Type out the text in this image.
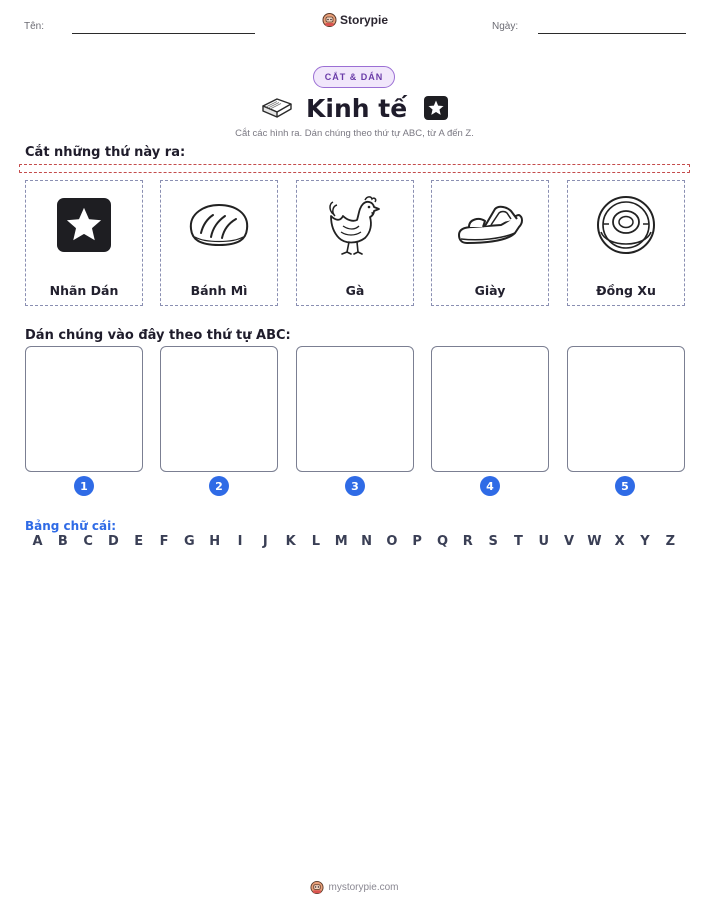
Tên:	Storypie	Ngày:
CẮT & DÁN
Kinh tế
Cắt các hình ra. Dán chúng theo thứ tự ABC, từ A đến Z.
Cắt những thứ này ra:
Nhãn Dán	Bánh Mì	Gà	Giày	Đồng Xu
Dán chúng vào đây theo thứ tự ABC:
1	2	3	4	5
Bảng chữ cái:
A	B	C	D	E	F	G	H	I	J	K	L	M	N	O	P	Q	R	S	T	U	V	W	X	Y	Z
mystorypie.com
